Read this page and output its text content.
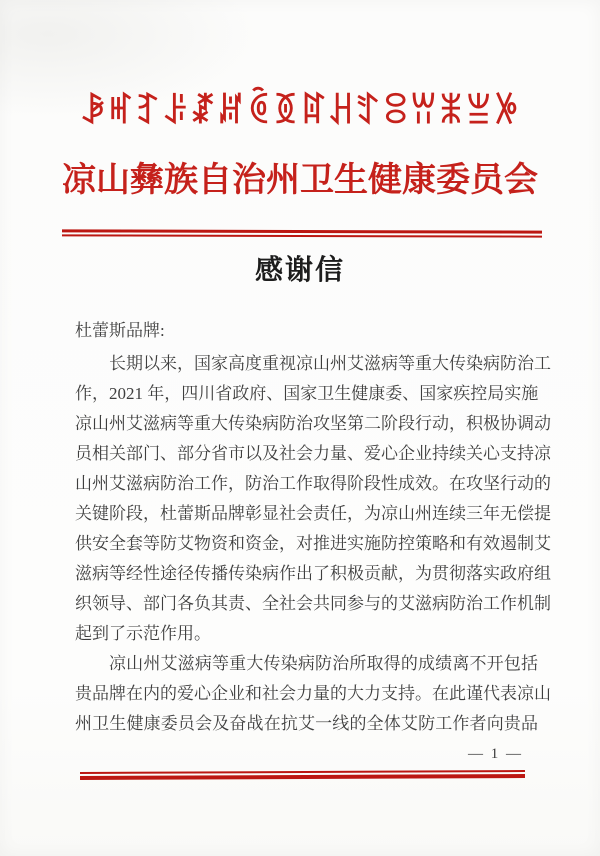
ꆃꎭꆈꌠꊨꏦꏱꅉꍏꃅꄸꈯꀕꂓꁈꉼ
凉山彝族自治州卫生健康委员会
感谢信
杜蕾斯品牌:
长期以来，国家高度重视凉山州艾滋病等重大传染病防治工
作，2021 年，四川省政府、国家卫生健康委、国家疾控局实施
凉山州艾滋病等重大传染病防治攻坚第二阶段行动，积极协调动
员相关部门、部分省市以及社会力量、爱心企业持续关心支持凉
山州艾滋病防治工作，防治工作取得阶段性成效。在攻坚行动的
关键阶段，杜蕾斯品牌彰显社会责任，为凉山州连续三年无偿提
供安全套等防艾物资和资金，对推进实施防控策略和有效遏制艾
滋病等经性途径传播传染病作出了积极贡献，为贯彻落实政府组
织领导、部门各负其责、全社会共同参与的艾滋病防治工作机制
起到了示范作用。
凉山州艾滋病等重大传染病防治所取得的成绩离不开包括
贵品牌在内的爱心企业和社会力量的大力支持。在此谨代表凉山
州卫生健康委员会及奋战在抗艾一线的全体艾防工作者向贵品
— 1 —
